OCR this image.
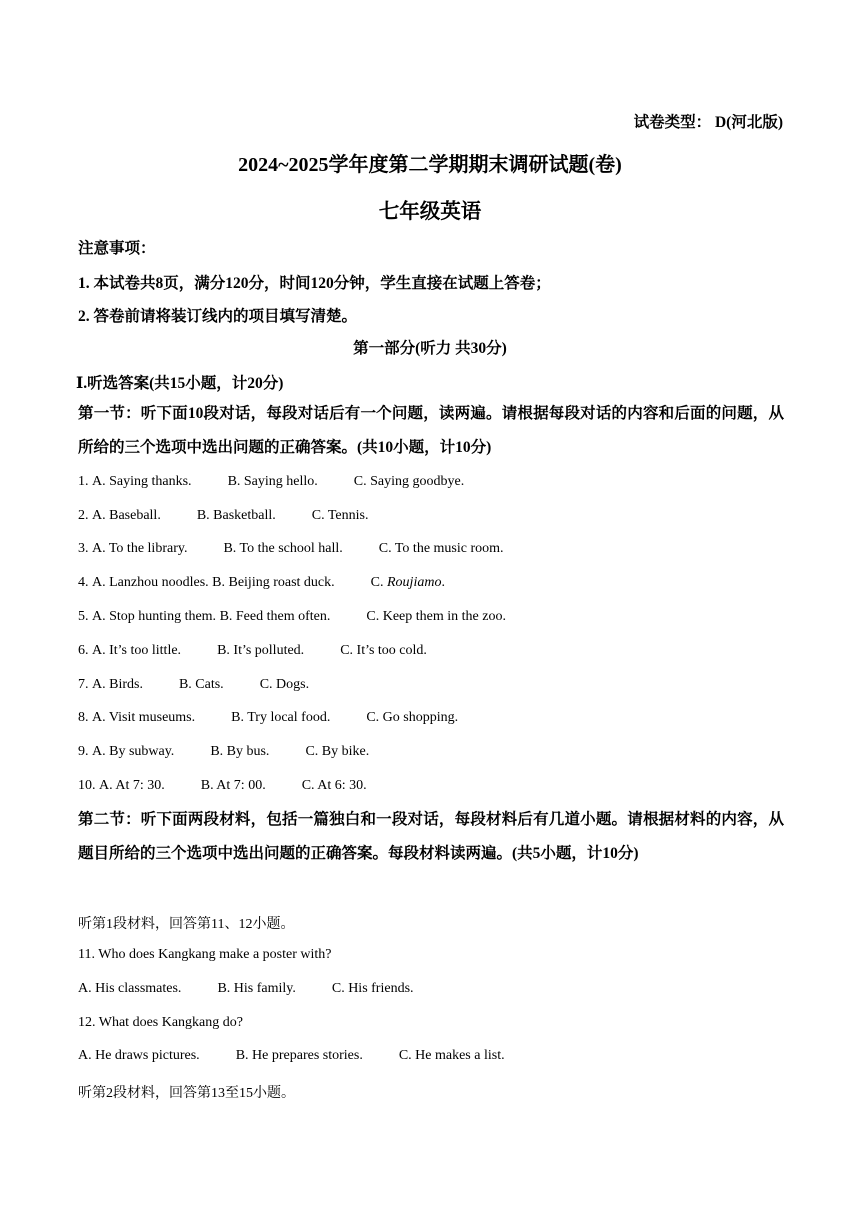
试卷类型： D(河北版)
2024~2025学年度第二学期期末调研试题(卷)
七年级英语
注意事项：
1. 本试卷共8页，满分120分，时间120分钟，学生直接在试题上答卷；
2. 答卷前请将装订线内的项目填写清楚。
第一部分(听力 共30分)
Ⅰ.听选答案(共15小题，计20分)
第一节：听下面10段对话，每段对话后有一个问题，读两遍。请根据每段对话的内容和后面的问题，从所给的三个选项中选出问题的正确答案。(共10小题，计10分)
1. A. Saying thanks.	B. Saying hello.	C. Saying goodbye.
2. A. Baseball.	B. Basketball.	C. Tennis.
3. A. To the library.	B. To the school hall.	C. To the music room.
4. A. Lanzhou noodles. B. Beijing roast duck.	C. Roujiamo.
5. A. Stop hunting them. B. Feed them often.	C. Keep them in the zoo.
6. A. It’s too little.	B. It’s polluted.	C. It’s too cold.
7. A. Birds.	B. Cats.	C. Dogs.
8. A. Visit museums.	B. Try local food.	C. Go shopping.
9. A. By subway.	B. By bus.	C. By bike.
10. A. At 7: 30.	B. At 7: 00.	C. At 6: 30.
第二节：听下面两段材料，包括一篇独白和一段对话，每段材料后有几道小题。请根据材料的内容，从题目所给的三个选项中选出问题的正确答案。每段材料读两遍。(共5小题，计10分)
听第1段材料，回答第11、12小题。
11. Who does Kangkang make a poster with?
A. His classmates.	B. His family.	C. His friends.
12. What does Kangkang do?
A. He draws pictures.	B. He prepares stories.	C. He makes a list.
听第2段材料，回答第13至15小题。
